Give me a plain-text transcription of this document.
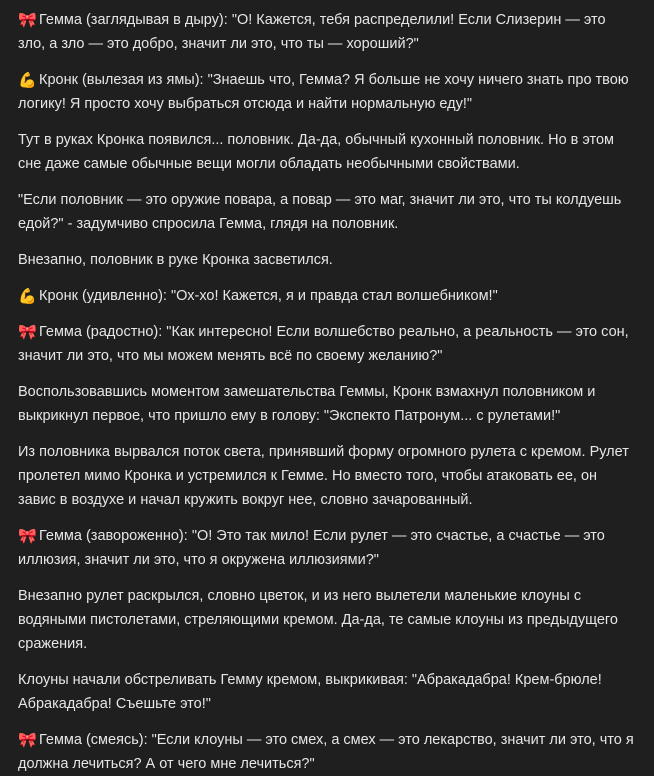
🎀 Гемма (заглядывая в дыру): "О! Кажется, тебя распределили! Если Слизерин — это зло, а зло — это добро, значит ли это, что ты — хороший?"

💪 Кронк (вылезая из ямы): "Знаешь что, Гемма? Я больше не хочу ничего знать про твою логику! Я просто хочу выбраться отсюда и найти нормальную еду!"

Тут в руках Кронка появился... половник. Да-да, обычный кухонный половник. Но в этом сне даже самые обычные вещи могли обладать необычными свойствами.

"Если половник — это оружие повара, а повар — это маг, значит ли это, что ты колдуешь едой?" - задумчиво спросила Гемма, глядя на половник.

Внезапно, половник в руке Кронка засветился.

💪 Кронк (удивленно): "Ох-хо! Кажется, я и правда стал волшебником!"

🎀 Гемма (радостно): "Как интересно! Если волшебство реально, а реальность — это сон, значит ли это, что мы можем менять всё по своему желанию?"

Воспользовавшись моментом замешательства Геммы, Кронк взмахнул половником и выкрикнул первое, что пришло ему в голову: "Экспекто Патронум... с рулетами!"

Из половника вырвался поток света, принявший форму огромного рулета с кремом. Рулет пролетел мимо Кронка и устремился к Гемме. Но вместо того, чтобы атаковать ее, он завис в воздухе и начал кружить вокруг нее, словно зачарованный.

🎀 Гемма (завороженно): "О! Это так мило! Если рулет — это счастье, а счастье — это иллюзия, значит ли это, что я окружена иллюзиями?"

Внезапно рулет раскрылся, словно цветок, и из него вылетели маленькие клоуны с водяными пистолетами, стреляющими кремом. Да-да, те самые клоуны из предыдущего сражения.

Клоуны начали обстреливать Гемму кремом, выкрикивая: "Абракадабра! Крем-брюле! Абракадабра! Съешьте это!"

🎀 Гемма (смеясь): "Если клоуны — это смех, а смех — это лекарство, значит ли это, что я должна лечиться? А от чего мне лечиться?"
